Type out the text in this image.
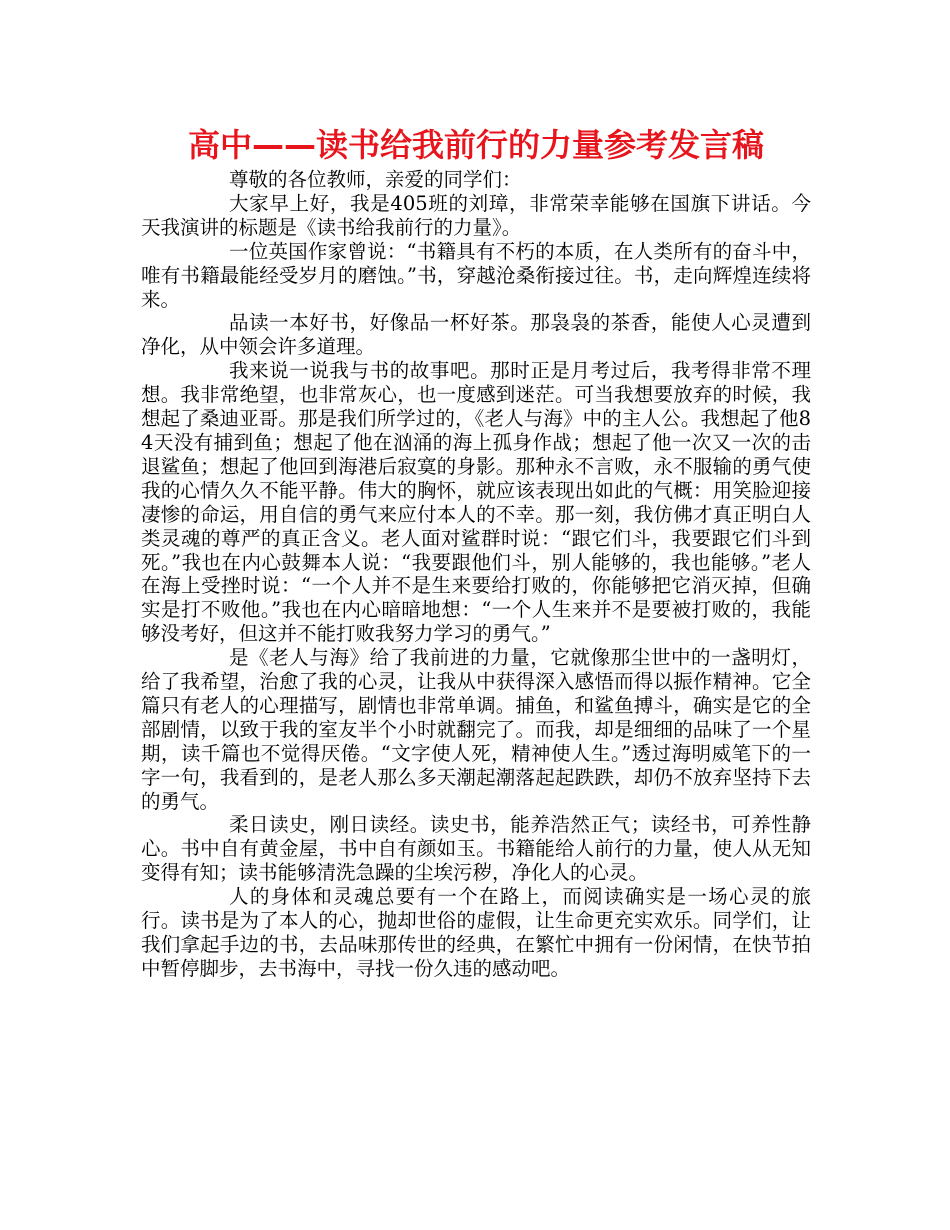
高中——读书给我前行的力量参考发言稿

尊敬的各位教师，亲爱的同学们：

大家早上好，我是405班的刘璋，非常荣幸能够在国旗下讲话。今天我演讲的标题是《读书给我前行的力量》。

一位英国作家曾说：“书籍具有不朽的本质，在人类所有的奋斗中，唯有书籍最能经受岁月的磨蚀。”书，穿越沧桑衔接过往。书，走向辉煌连续将来。

品读一本好书，好像品一杯好茶。那袅袅的茶香，能使人心灵遭到净化，从中领会许多道理。

我来说一说我与书的故事吧。那时正是月考过后，我考得非常不理想。我非常绝望，也非常灰心，也一度感到迷茫。可当我想要放弃的时候，我想起了桑迪亚哥。那是我们所学过的，《老人与海》中的主人公。我想起了他84天没有捕到鱼；想起了他在汹涌的海上孤身作战；想起了他一次又一次的击退鲨鱼；想起了他回到海港后寂寞的身影。那种永不言败，永不服输的勇气使我的心情久久不能平静。伟大的胸怀，就应该表现出如此的气概：用笑脸迎接凄惨的命运，用自信的勇气来应付本人的不幸。那一刻，我仿佛才真正明白人类灵魂的尊严的真正含义。老人面对鲨群时说：“跟它们斗，我要跟它们斗到死。”我也在内心鼓舞本人说：“我要跟他们斗，别人能够的，我也能够。”老人在海上受挫时说：“一个人并不是生来要给打败的，你能够把它消灭掉，但确实是打不败他。”我也在内心暗暗地想：“一个人生来并不是要被打败的，我能够没考好，但这并不能打败我努力学习的勇气。”

是《老人与海》给了我前进的力量，它就像那尘世中的一盏明灯，给了我希望，治愈了我的心灵，让我从中获得深入感悟而得以振作精神。它全篇只有老人的心理描写，剧情也非常单调。捕鱼，和鲨鱼搏斗，确实是它的全部剧情，以致于我的室友半个小时就翻完了。而我，却是细细的品味了一个星期，读千篇也不觉得厌倦。“文字使人死，精神使人生。”透过海明威笔下的一字一句，我看到的，是老人那么多天潮起潮落起起跌跌，却仍不放弃坚持下去的勇气。

柔日读史，刚日读经。读史书，能养浩然正气；读经书，可养性静心。书中自有黄金屋，书中自有颜如玉。书籍能给人前行的力量，使人从无知变得有知；读书能够清洗急躁的尘埃污秽，净化人的心灵。

人的身体和灵魂总要有一个在路上，而阅读确实是一场心灵的旅行。读书是为了本人的心，抛却世俗的虚假，让生命更充实欢乐。同学们，让我们拿起手边的书，去品味那传世的经典，在繁忙中拥有一份闲情，在快节拍中暂停脚步，去书海中，寻找一份久违的感动吧。
